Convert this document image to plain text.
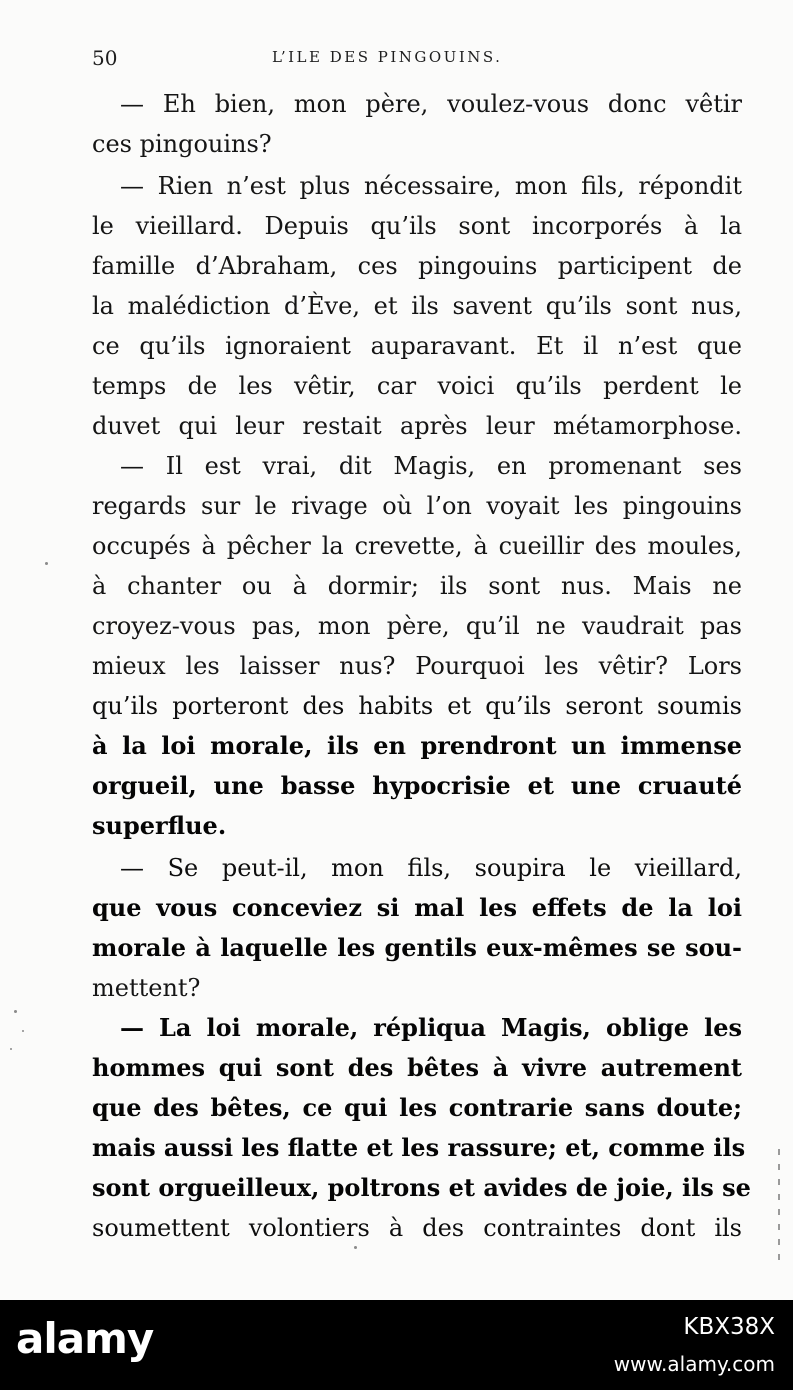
50	L’ILE DES PINGOUINS.
— Eh bien, mon père, voulez-vous donc vêtir
ces pingouins?
— Rien n’est plus nécessaire, mon fils, répondit
le vieillard. Depuis qu’ils sont incorporés à la
famille d’Abraham, ces pingouins participent de
la malédiction d’Ève, et ils savent qu’ils sont nus,
ce qu’ils ignoraient auparavant. Et il n’est que
temps de les vêtir, car voici qu’ils perdent le
duvet qui leur restait après leur métamorphose.
— Il est vrai, dit Magis, en promenant ses
regards sur le rivage où l’on voyait les pingouins
occupés à pêcher la crevette, à cueillir des moules,
à chanter ou à dormir; ils sont nus. Mais ne
croyez-vous pas, mon père, qu’il ne vaudrait pas
mieux les laisser nus? Pourquoi les vêtir? Lors
qu’ils porteront des habits et qu’ils seront soumis
à la loi morale, ils en prendront un immense
orgueil, une basse hypocrisie et une cruauté
superflue.
— Se peut-il, mon fils, soupira le vieillard,
que vous conceviez si mal les effets de la loi
morale à laquelle les gentils eux-mêmes se sou-
mettent?
— La loi morale, répliqua Magis, oblige les
hommes qui sont des bêtes à vivre autrement
que des bêtes, ce qui les contrarie sans doute;
mais aussi les flatte et les rassure; et, comme ils
sont orgueilleux, poltrons et avides de joie, ils se
soumettent volontiers à des contraintes dont ils
alamy	KBX38X
www.alamy.com
